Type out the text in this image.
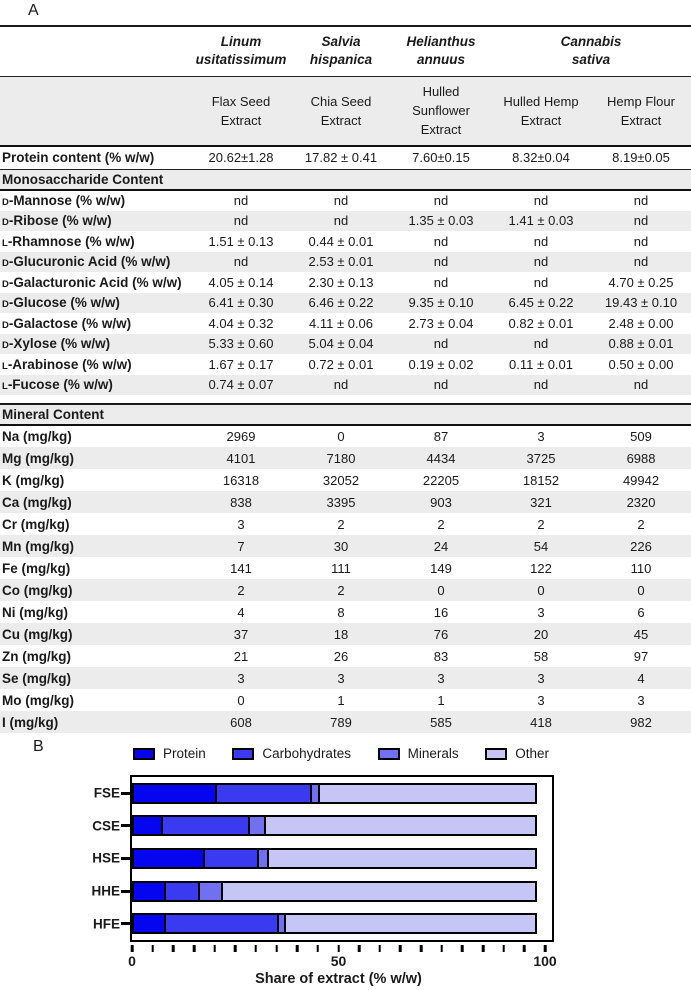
A

	Linum usitatissimum	Salvia hispanica	Helianthus annuus	Cannabis sativa	

	Flax Seed Extract	Chia Seed Extract	Hulled Sunflower Extract	Hulled Hemp Extract	Hemp Flour Extract
Protein content (% w/w)	20.62±1.28	17.82 ± 0.41	7.60±0.15	8.32±0.04	8.19±0.05
Monosaccharide Content					
D-Mannose (% w/w)	nd	nd	nd	nd	nd
D-Ribose (% w/w)	nd	nd	1.35 ± 0.03	1.41 ± 0.03	nd
L-Rhamnose (% w/w)	1.51 ± 0.13	0.44 ± 0.01	nd	nd	nd
D-Glucuronic Acid (% w/w)	nd	2.53 ± 0.01	nd	nd	nd
D-Galacturonic Acid (% w/w)	4.05 ± 0.14	2.30 ± 0.13	nd	nd	4.70 ± 0.25
D-Glucose (% w/w)	6.41 ± 0.30	6.46 ± 0.22	9.35 ± 0.10	6.45 ± 0.22	19.43 ± 0.10
D-Galactose (% w/w)	4.04 ± 0.32	4.11 ± 0.06	2.73 ± 0.04	0.82 ± 0.01	2.48 ± 0.00
D-Xylose (% w/w)	5.33 ± 0.60	5.04 ± 0.04	nd	nd	0.88 ± 0.01
L-Arabinose (% w/w)	1.67 ± 0.17	0.72 ± 0.01	0.19 ± 0.02	0.11 ± 0.01	0.50 ± 0.00
L-Fucose (% w/w)	0.74 ± 0.07	nd	nd	nd	nd
Mineral Content					
Na (mg/kg)	2969	0	87	3	509
Mg (mg/kg)	4101	7180	4434	3725	6988
K (mg/kg)	16318	32052	22205	18152	49942
Ca (mg/kg)	838	3395	903	321	2320
Cr (mg/kg)	3	2	2	2	2
Mn (mg/kg)	7	30	24	54	226
Fe (mg/kg)	141	111	149	122	110
Co (mg/kg)	2	2	0	0	0
Ni (mg/kg)	4	8	16	3	6
Cu (mg/kg)	37	18	76	20	45
Zn (mg/kg)	21	26	83	58	97
Se (mg/kg)	3	3	3	3	4
Mo (mg/kg)	0	1	1	3	3
I (mg/kg)	608	789	585	418	982
B	Protein	Carbohydrates	Minerals	Other
FSE
CSE
HSE
HHE
HFE
0	50	100
Share of extract (% w/w)
